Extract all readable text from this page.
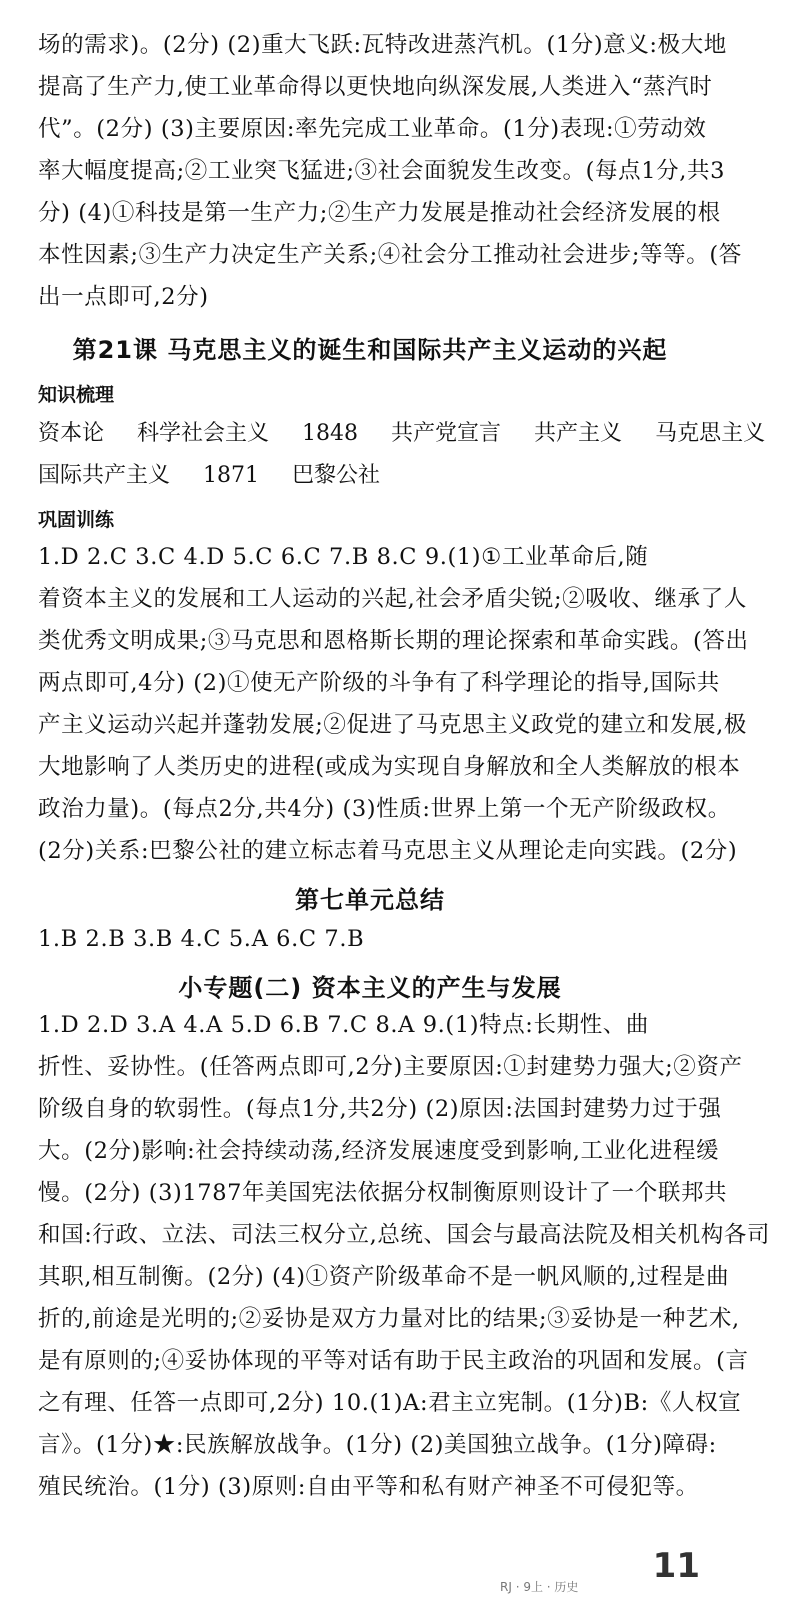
场的需求)。(2分) (2)重大飞跃:瓦特改进蒸汽机。(1分)意义:极大地
提高了生产力,使工业革命得以更快地向纵深发展,人类进入“蒸汽时
代”。(2分) (3)主要原因:率先完成工业革命。(1分)表现:①劳动效
率大幅度提高;②工业突飞猛进;③社会面貌发生改变。(每点1分,共3
分) (4)①科技是第一生产力;②生产力发展是推动社会经济发展的根
本性因素;③生产力决定生产关系;④社会分工推动社会进步;等等。(答
出一点即可,2分)
第21课 马克思主义的诞生和国际共产主义运动的兴起
知识梳理
资本论 科学社会主义 1848 共产党宣言 共产主义 马克思主义
国际共产主义 1871 巴黎公社
巩固训练
1.D 2.C 3.C 4.D 5.C 6.C 7.B 8.C 9.(1)①工业革命后,随
着资本主义的发展和工人运动的兴起,社会矛盾尖锐;②吸收、继承了人
类优秀文明成果;③马克思和恩格斯长期的理论探索和革命实践。(答出
两点即可,4分) (2)①使无产阶级的斗争有了科学理论的指导,国际共
产主义运动兴起并蓬勃发展;②促进了马克思主义政党的建立和发展,极
大地影响了人类历史的进程(或成为实现自身解放和全人类解放的根本
政治力量)。(每点2分,共4分) (3)性质:世界上第一个无产阶级政权。
(2分)关系:巴黎公社的建立标志着马克思主义从理论走向实践。(2分)
第七单元总结
1.B 2.B 3.B 4.C 5.A 6.C 7.B
小专题(二) 资本主义的产生与发展
1.D 2.D 3.A 4.A 5.D 6.B 7.C 8.A 9.(1)特点:长期性、曲
折性、妥协性。(任答两点即可,2分)主要原因:①封建势力强大;②资产
阶级自身的软弱性。(每点1分,共2分) (2)原因:法国封建势力过于强
大。(2分)影响:社会持续动荡,经济发展速度受到影响,工业化进程缓
慢。(2分) (3)1787年美国宪法依据分权制衡原则设计了一个联邦共
和国:行政、立法、司法三权分立,总统、国会与最高法院及相关机构各司
其职,相互制衡。(2分) (4)①资产阶级革命不是一帆风顺的,过程是曲
折的,前途是光明的;②妥协是双方力量对比的结果;③妥协是一种艺术,
是有原则的;④妥协体现的平等对话有助于民主政治的巩固和发展。(言
之有理、任答一点即可,2分) 10.(1)A:君主立宪制。(1分)B:《人权宣
言》。(1分)★:民族解放战争。(1分) (2)美国独立战争。(1分)障碍:
殖民统治。(1分) (3)原则:自由平等和私有财产神圣不可侵犯等。
RJ · 9上 · 历史
11
